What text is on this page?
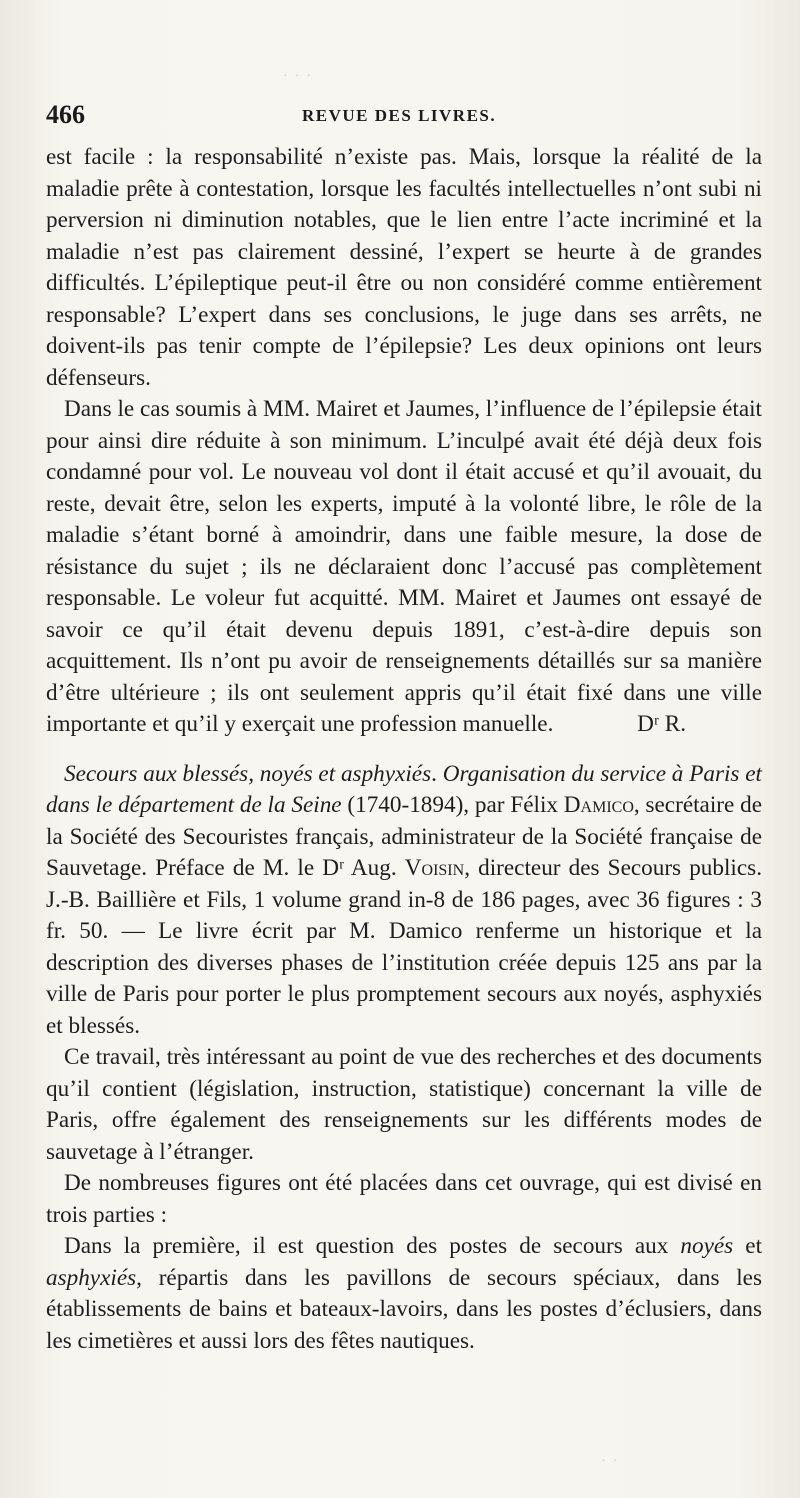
· · ·
· ·
466	REVUE DES LIVRES.

est facile : la responsabilité n’existe pas. Mais, lorsque la réalité de la maladie prête à contestation, lorsque les facultés intellectuelles n’ont subi ni perversion ni diminution notables, que le lien entre l’acte incriminé et la maladie n’est pas clairement dessiné, l’expert se heurte à de grandes difficultés. L’épileptique peut-il être ou non considéré comme entièrement responsable? L’expert dans ses conclusions, le juge dans ses arrêts, ne doivent-ils pas tenir compte de l’épilepsie? Les deux opinions ont leurs défenseurs.

Dans le cas soumis à MM. Mairet et Jaumes, l’influence de l’épilepsie était pour ainsi dire réduite à son minimum. L’inculpé avait été déjà deux fois condamné pour vol. Le nouveau vol dont il était accusé et qu’il avouait, du reste, devait être, selon les experts, imputé à la volonté libre, le rôle de la maladie s’étant borné à amoindrir, dans une faible mesure, la dose de résistance du sujet ; ils ne déclaraient donc l’accusé pas complètement responsable. Le voleur fut acquitté. MM. Mairet et Jaumes ont essayé de savoir ce qu’il était devenu depuis 1891, c’est-à-dire depuis son acquittement. Ils n’ont pu avoir de renseignements détaillés sur sa manière d’être ultérieure ; ils ont seulement appris qu’il était fixé dans une ville importante et qu’il y exerçait une profession manuelle.	Dʳ R.

Secours aux blessés, noyés et asphyxiés. Organisation du service à Paris et dans le département de la Seine (1740-1894), par Félix Damico, secrétaire de la Société des Secouristes français, administrateur de la Société française de Sauvetage. Préface de M. le Dʳ Aug. Voisin, directeur des Secours publics. J.-B. Baillière et Fils, 1 volume grand in-8 de 186 pages, avec 36 figures : 3 fr. 50. — Le livre écrit par M. Damico renferme un historique et la description des diverses phases de l’institution créée depuis 125 ans par la ville de Paris pour porter le plus promptement secours aux noyés, asphyxiés et blessés.

Ce travail, très intéressant au point de vue des recherches et des documents qu’il contient (législation, instruction, statistique) concernant la ville de Paris, offre également des renseignements sur les différents modes de sauvetage à l’étranger.

De nombreuses figures ont été placées dans cet ouvrage, qui est divisé en trois parties :

Dans la première, il est question des postes de secours aux noyés et asphyxiés, répartis dans les pavillons de secours spéciaux, dans les établissements de bains et bateaux-lavoirs, dans les postes d’éclusiers, dans les cimetières et aussi lors des fêtes nautiques.
